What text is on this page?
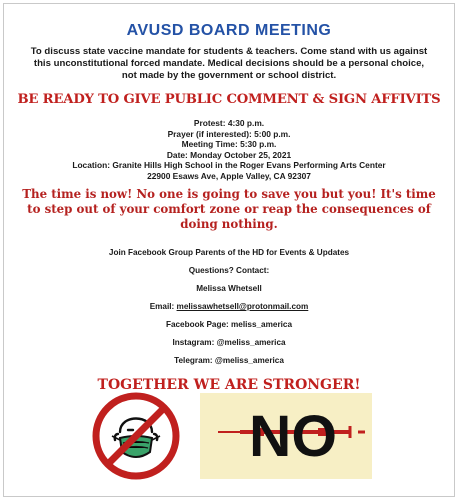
AVUSD BOARD MEETING
To discuss state vaccine mandate for students & teachers. Come stand with us against this unconstitutional forced mandate. Medical decisions should be a personal choice, not made by the government or school district.
BE READY TO GIVE PUBLIC COMMENT & SIGN AFFIVITS
Protest: 4:30 p.m.
Prayer (if interested): 5:00 p.m.
Meeting Time: 5:30 p.m.
Date: Monday October 25, 2021
Location: Granite Hills High School in the Roger Evans Performing Arts Center
22900 Esaws Ave, Apple Valley, CA 92307
The time is now! No one is going to save you but you! It's time to step out of your comfort zone or reap the consequences of doing nothing.
Join Facebook Group Parents of the HD for Events & Updates
Questions? Contact:
Melissa Whetsell
Email: melissawhetsell@protonmail.com
Facebook Page: meliss_america
Instagram: @meliss_america
Telegram: @meliss_america
TOGETHER WE ARE STRONGER!
NO
